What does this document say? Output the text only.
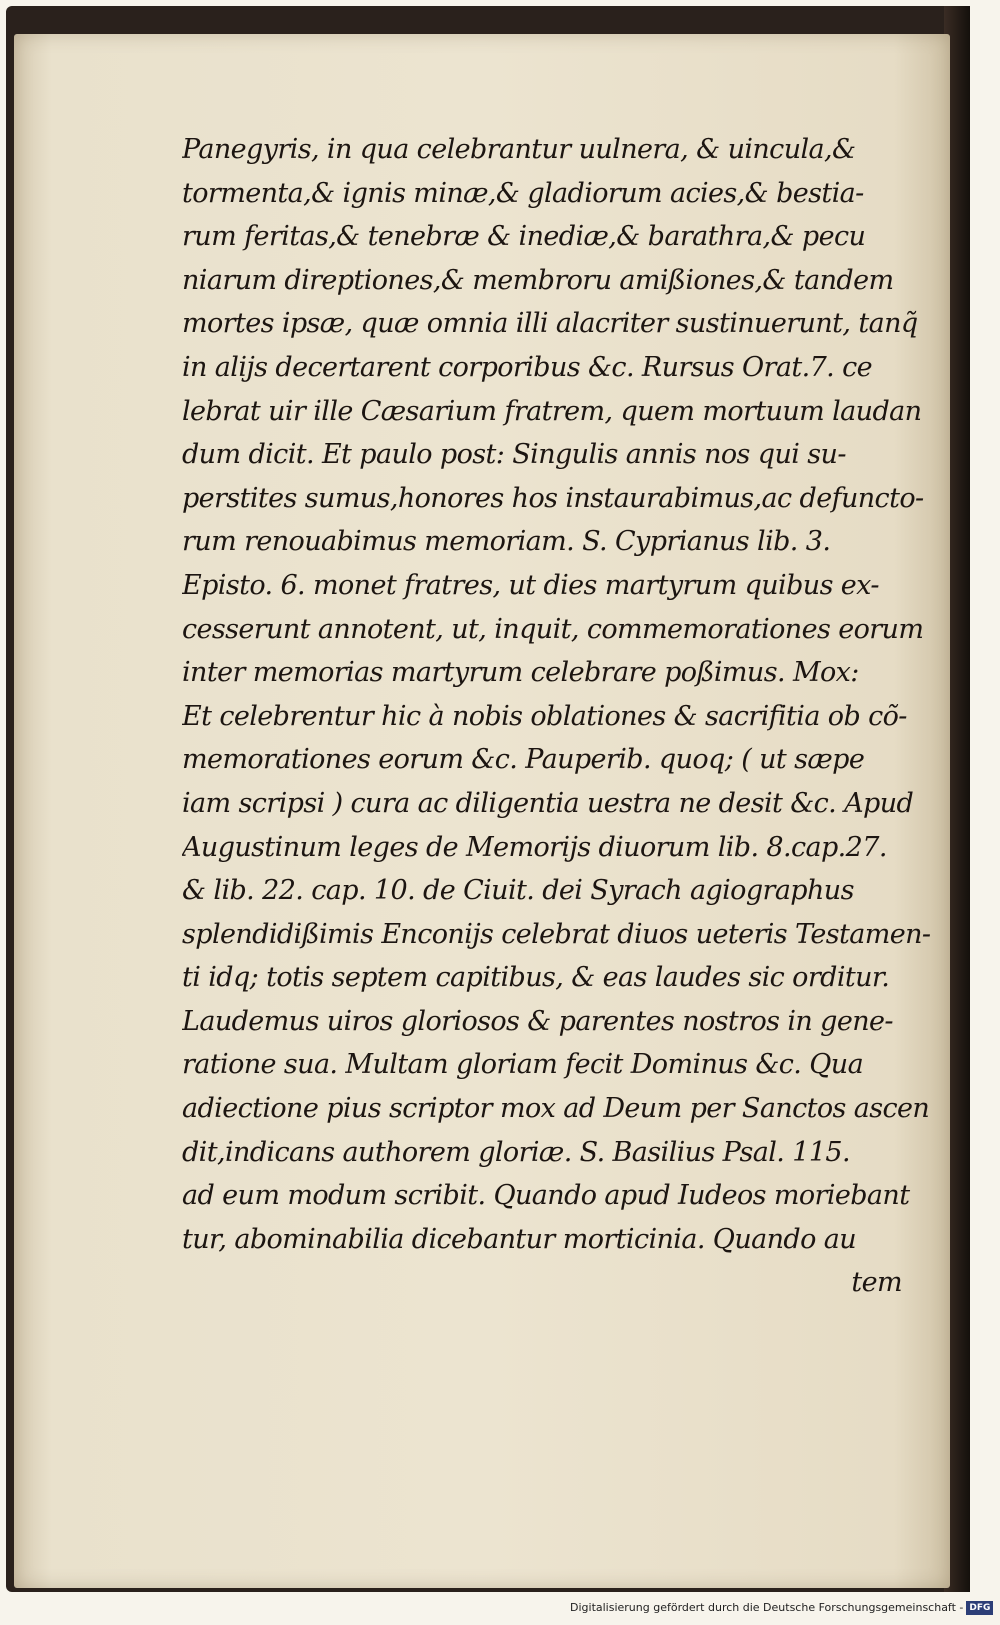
Panegyris, in qua celebrantur uulnera, & uincula,&
tormenta,& ignis minæ,& gladiorum acies,& bestia-
rum feritas,& tenebræ & inediæ,& barathra,& pecu
niarum direptiones,& membroru amißiones,& tandem
mortes ipsæ, quæ omnia illi alacriter sustinuerunt, tanq̃
in alijs decertarent corporibus &c. Rursus Orat.7. ce
lebrat uir ille Cæsarium fratrem, quem mortuum laudan
dum dicit. Et paulo post: Singulis annis nos qui su-
perstites sumus,honores hos instaurabimus,ac defuncto-
rum renouabimus memoriam. S. Cyprianus lib. 3.
Episto. 6. monet fratres, ut dies martyrum quibus ex-
cesserunt annotent, ut, inquit, commemorationes eorum
inter memorias martyrum celebrare poßimus. Mox:
Et celebrentur hic à nobis oblationes & sacrifitia ob cõ-
memorationes eorum &c. Pauperib. quoq; ( ut sæpe
iam scripsi ) cura ac diligentia uestra ne desit &c. Apud
Augustinum leges de Memorijs diuorum lib. 8.cap.27.
& lib. 22. cap. 10. de Ciuit. dei Syrach agiographus
splendidißimis Enconijs celebrat diuos ueteris Testamen-
ti idq; totis septem capitibus, & eas laudes sic orditur.
Laudemus uiros gloriosos & parentes nostros in gene-
ratione sua. Multam gloriam fecit Dominus &c. Qua
adiectione pius scriptor mox ad Deum per Sanctos ascen
dit,indicans authorem gloriæ. S. Basilius Psal. 115.
ad eum modum scribit. Quando apud Iudeos moriebant
tur, abominabilia dicebantur morticinia. Quando au
tem
Digitalisierung gefördert durch die Deutsche Forschungsgemeinschaft - DFG
